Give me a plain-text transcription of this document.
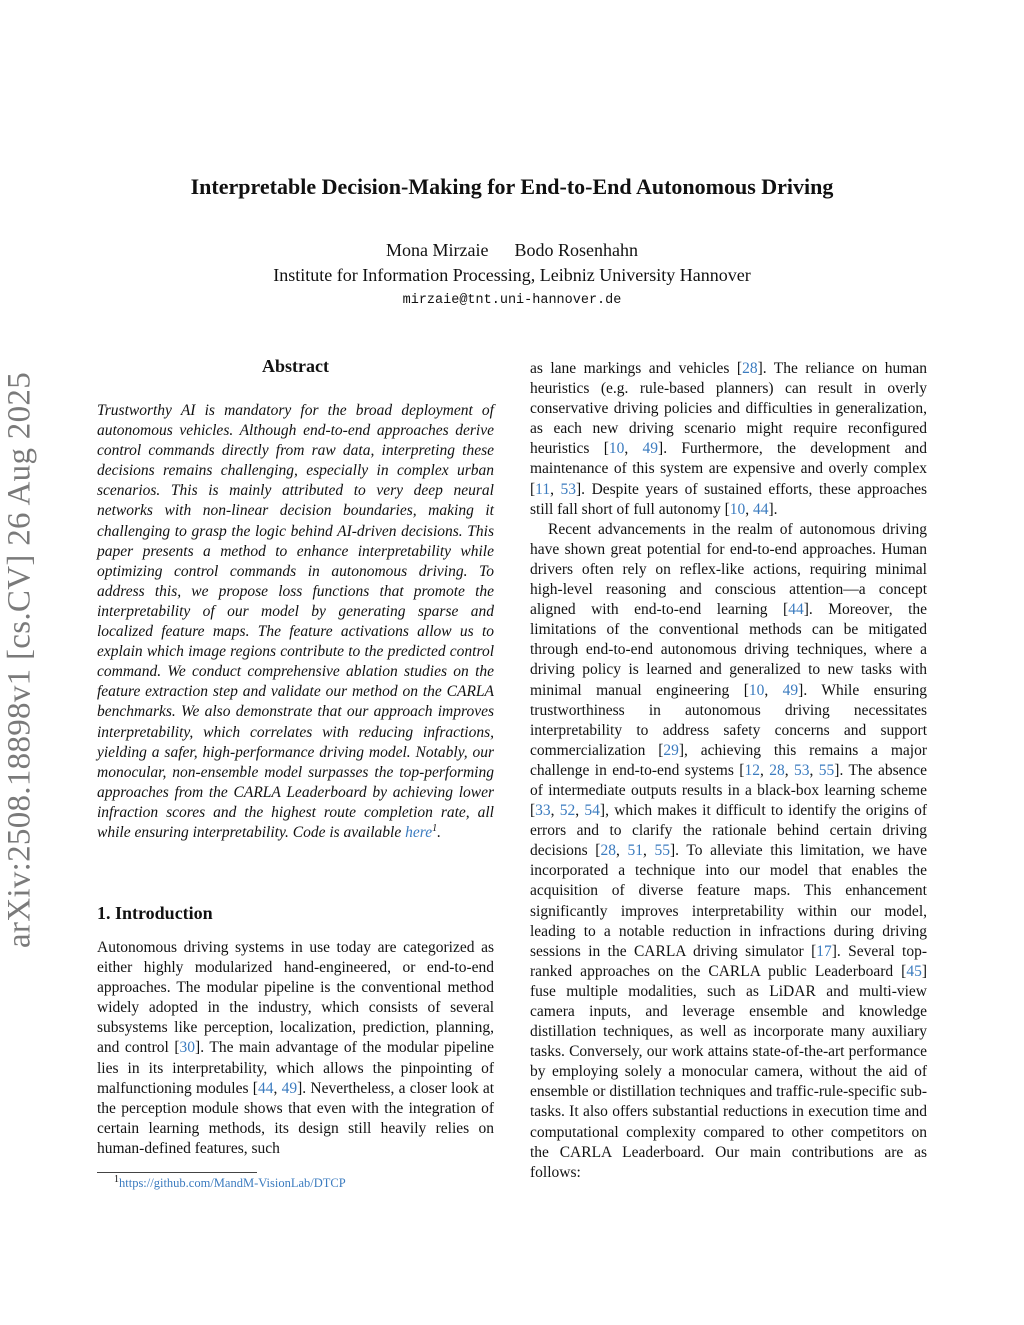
arXiv:2508.18898v1 [cs.CV] 26 Aug 2025
Interpretable Decision-Making for End-to-End Autonomous Driving
Mona Mirzaie Bodo Rosenhahn
Institute for Information Processing, Leibniz University Hannover
mirzaie@tnt.uni-hannover.de
Abstract
Trustworthy AI is mandatory for the broad deployment of autonomous vehicles. Although end-to-end approaches derive control commands directly from raw data, interpreting these decisions remains challenging, especially in complex urban scenarios. This is mainly attributed to very deep neural networks with non-linear decision boundaries, making it challenging to grasp the logic behind AI-driven decisions. This paper presents a method to enhance interpretability while optimizing control commands in autonomous driving. To address this, we propose loss functions that promote the interpretability of our model by generating sparse and localized feature maps. The feature activations allow us to explain which image regions contribute to the predicted control command. We conduct comprehensive ablation studies on the feature extraction step and validate our method on the CARLA benchmarks. We also demonstrate that our approach improves interpretability, which correlates with reducing infractions, yielding a safer, high-performance driving model. Notably, our monocular, non-ensemble model surpasses the top-performing approaches from the CARLA Leaderboard by achieving lower infraction scores and the highest route completion rate, all while ensuring interpretability. Code is available here$^1$.
1. Introduction
Autonomous driving systems in use today are categorized as either highly modularized hand-engineered, or end-to-end approaches. The modular pipeline is the conventional method widely adopted in the industry, which consists of several subsystems like perception, localization, prediction, planning, and control [30]. The main advantage of the modular pipeline lies in its interpretability, which allows the pinpointing of malfunctioning modules [44, 49]. Nevertheless, a closer look at the perception module shows that even with the integration of certain learning methods, its design still heavily relies on human-defined features, such

as lane markings and vehicles [28]. The reliance on human heuristics (e.g. rule-based planners) can result in overly conservative driving policies and difficulties in generalization, as each new driving scenario might require reconfigured heuristics [10, 49]. Furthermore, the development and maintenance of this system are expensive and overly complex [11, 53]. Despite years of sustained efforts, these approaches still fall short of full autonomy [10, 44].

Recent advancements in the realm of autonomous driving have shown great potential for end-to-end approaches. Human drivers often rely on reflex-like actions, requiring minimal high-level reasoning and conscious attention—a concept aligned with end-to-end learning [44]. Moreover, the limitations of the conventional methods can be mitigated through end-to-end autonomous driving techniques, where a driving policy is learned and generalized to new tasks with minimal manual engineering [10, 49]. While ensuring trustworthiness in autonomous driving necessitates interpretability to address safety concerns and support commercialization [29], achieving this remains a major challenge in end-to-end systems [12, 28, 53, 55]. The absence of intermediate outputs results in a black-box learning scheme [33, 52, 54], which makes it difficult to identify the origins of errors and to clarify the rationale behind certain driving decisions [28, 51, 55]. To alleviate this limitation, we have incorporated a technique into our model that enables the acquisition of diverse feature maps. This enhancement significantly improves interpretability within our model, leading to a notable reduction in infractions during driving sessions in the CARLA driving simulator [17]. Several top-ranked approaches on the CARLA public Leaderboard [45] fuse multiple modalities, such as LiDAR and multi-view camera inputs, and leverage ensemble and knowledge distillation techniques, as well as incorporate many auxiliary tasks. Conversely, our work attains state-of-the-art performance by employing solely a monocular camera, without the aid of ensemble or distillation techniques and traffic-rule-specific sub-tasks. It also offers substantial reductions in execution time and computational complexity compared to other competitors on the CARLA Leaderboard. Our main contributions are as follows:

$^1$https://github.com/MandM-VisionLab/DTCP
